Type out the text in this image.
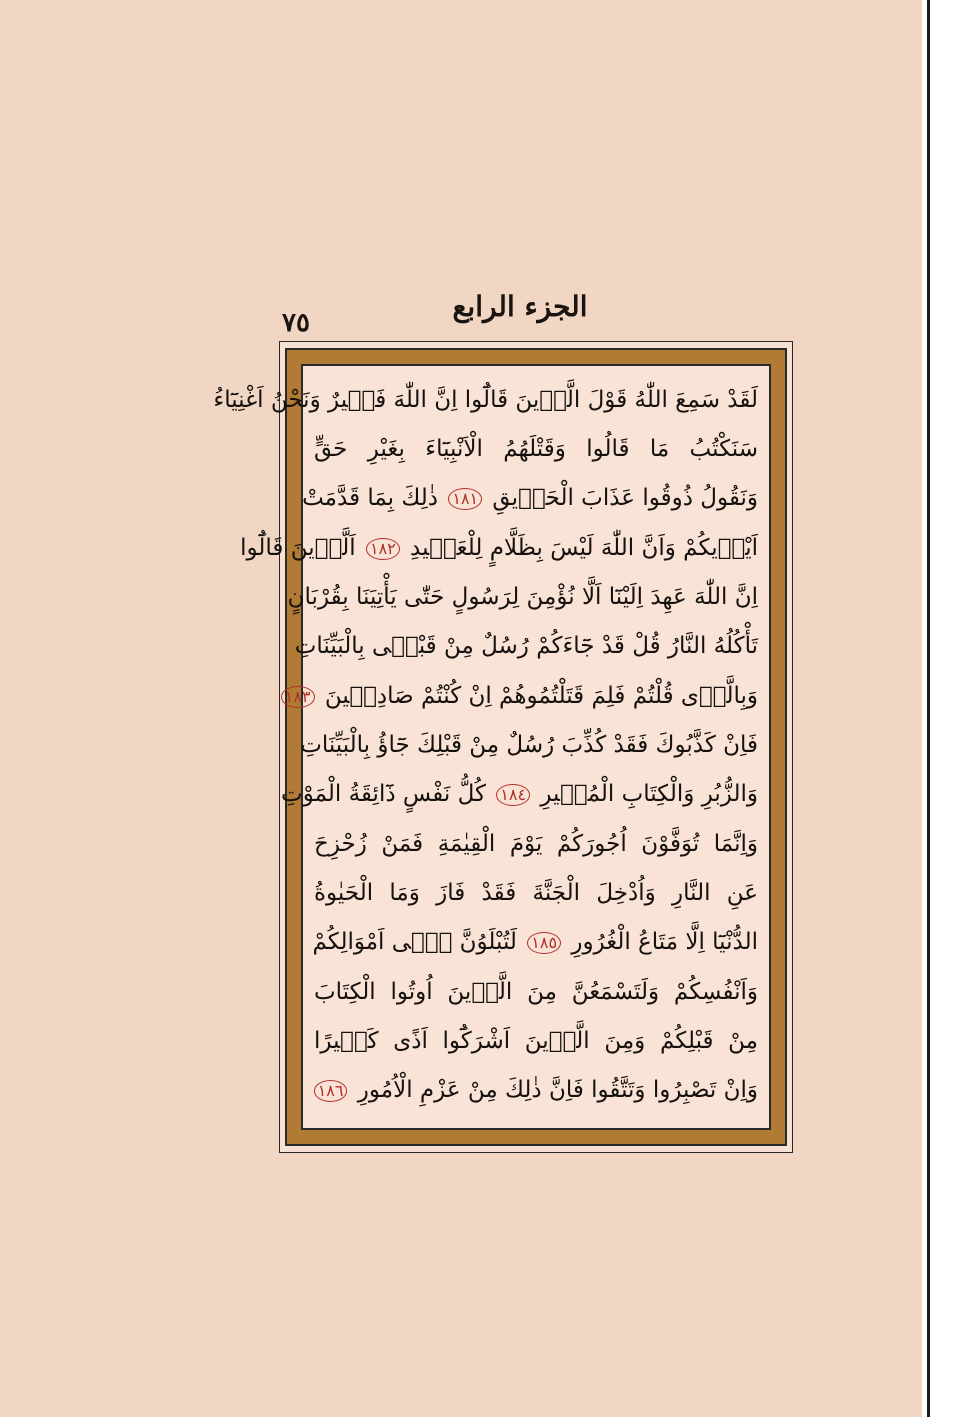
٧٥	الجزء الرابع
لَقَدْ سَمِعَ اللّٰهُ قَوْلَ الَّذٖينَ قَالُٓوا اِنَّ اللّٰهَ فَقٖيرٌ وَنَحْنُ اَغْنِيَٓاءُ
سَنَكْتُبُ مَا قَالُوا وَقَتْلَهُمُ الْاَنْبِيَٓاءَ بِغَيْرِ حَقٍّ
وَنَقُولُ ذُوقُوا عَذَابَ الْحَرٖيقِ ١٨١ ذٰلِكَ بِمَا قَدَّمَتْ
اَيْدٖيكُمْ وَاَنَّ اللّٰهَ لَيْسَ بِظَلَّامٍ لِلْعَبٖيدِ ١٨٢ اَلَّذٖينَ قَالُٓوا
اِنَّ اللّٰهَ عَهِدَ اِلَيْنَٓا اَلَّا نُؤْمِنَ لِرَسُولٍ حَتّٰى يَأْتِيَنَا بِقُرْبَانٍ
تَأْكُلُهُ النَّارُ قُلْ قَدْ جَٓاءَكُمْ رُسُلٌ مِنْ قَبْلٖى بِالْبَيِّنَاتِ
وَبِالَّذٖى قُلْتُمْ فَلِمَ قَتَلْتُمُوهُمْ اِنْ كُنْتُمْ صَادِقٖينَ ١٨٣
فَاِنْ كَذَّبُوكَ فَقَدْ كُذِّبَ رُسُلٌ مِنْ قَبْلِكَ جَٓاؤُ بِالْبَيِّنَاتِ
وَالزُّبُرِ وَالْكِتَابِ الْمُنٖيرِ ١٨٤ كُلُّ نَفْسٍ ذَٓائِقَةُ الْمَوْتِ
وَاِنَّمَا تُوَفَّوْنَ اُجُورَكُمْ يَوْمَ الْقِيٰمَةِ فَمَنْ زُحْزِحَ
عَنِ النَّارِ وَاُدْخِلَ الْجَنَّةَ فَقَدْ فَازَ وَمَا الْحَيٰوةُ
الدُّنْيَٓا اِلَّا مَتَاعُ الْغُرُورِ ١٨٥ لَتُبْلَوُنَّ فٖٓى اَمْوَالِكُمْ
وَاَنْفُسِكُمْ وَلَتَسْمَعُنَّ مِنَ الَّذٖينَ اُوتُوا الْكِتَابَ
مِنْ قَبْلِكُمْ وَمِنَ الَّذٖينَ اَشْرَكُٓوا اَذًى كَثٖيرًا
وَاِنْ تَصْبِرُوا وَتَتَّقُوا فَاِنَّ ذٰلِكَ مِنْ عَزْمِ الْاُمُورِ ١٨٦
